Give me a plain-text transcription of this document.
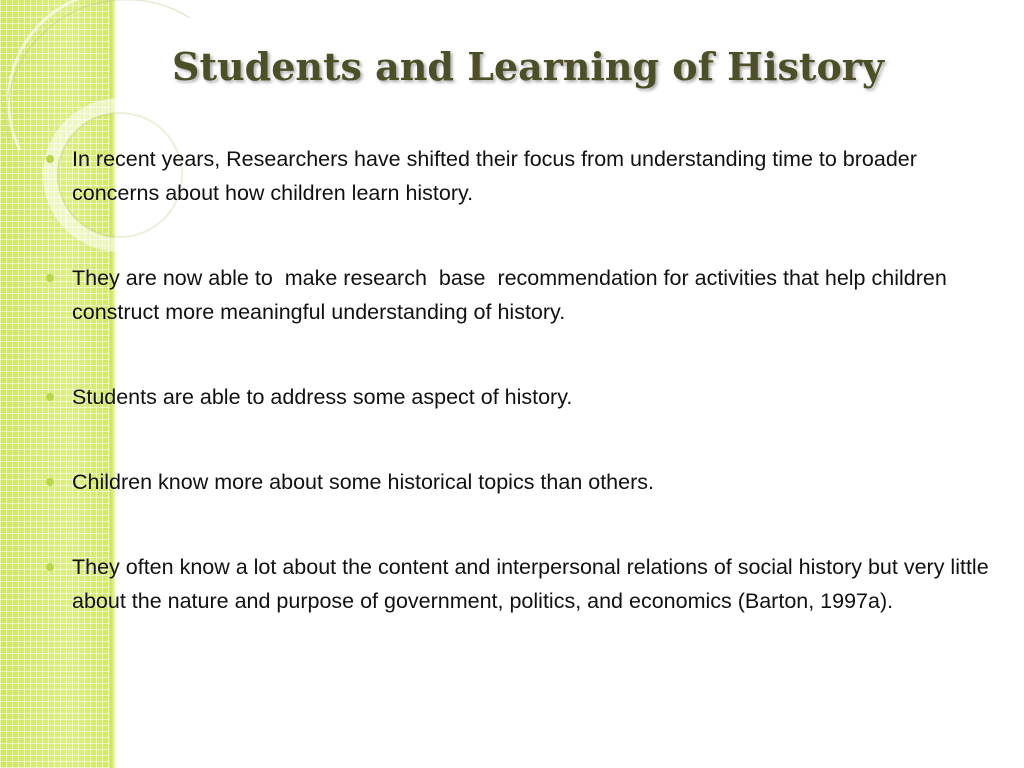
Students and Learning of History
In recent years, Researchers have shifted their focus from understanding time to broader concerns about how children learn history.
They are now able to  make research  base  recommendation for activities that help children construct more meaningful understanding of history.
Students are able to address some aspect of history.
Children know more about some historical topics than others.
They often know a lot about the content and interpersonal relations of social history but very little about the nature and purpose of government, politics, and economics (Barton, 1997a).
